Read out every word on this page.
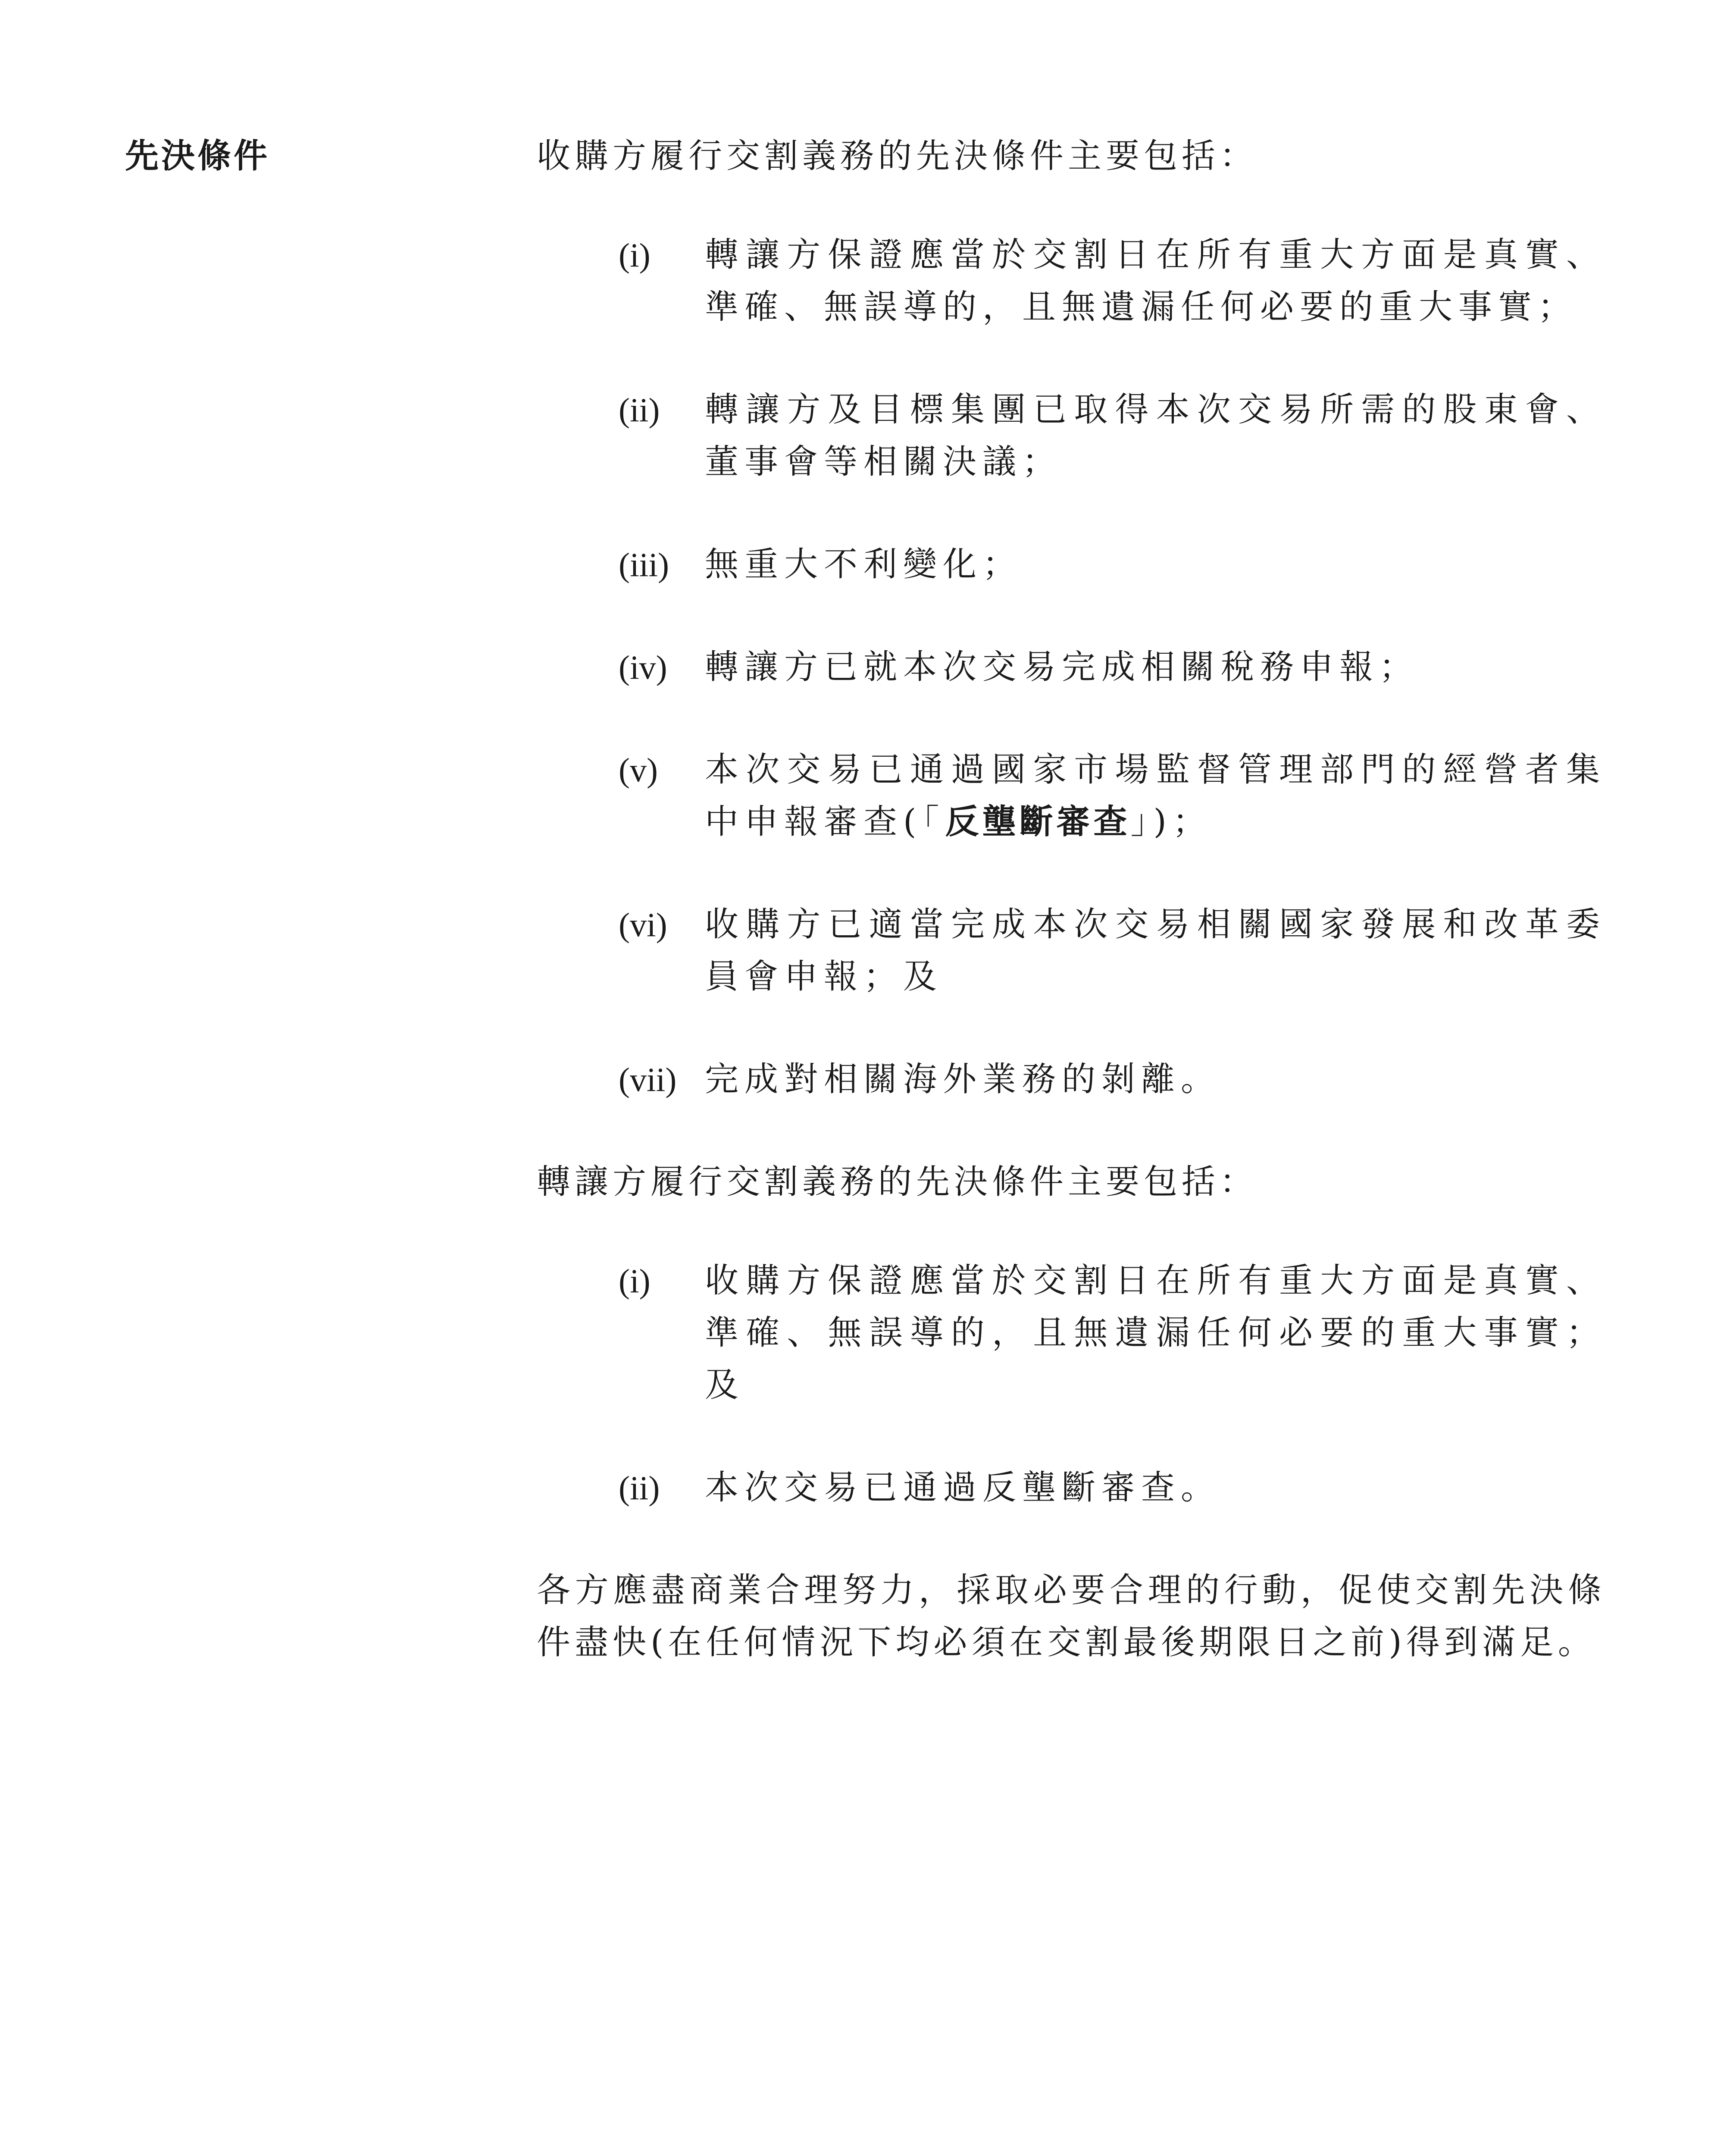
先決條件	收購方履行交割義務的先決條件主要包括：

(i)	轉讓方保證應當於交割日在所有重大方面是真實、準確、無誤導的，且無遺漏任何必要的重大事實；
(ii)	轉讓方及目標集團已取得本次交易所需的股東會、董事會等相關決議；
(iii)	無重大不利變化；
(iv)	轉讓方已就本次交易完成相關稅務申報；
(v)	本次交易已通過國家市場監督管理部門的經營者集中申報審查(「反壟斷審查」)；
(vi)	收購方已適當完成本次交易相關國家發展和改革委員會申報；及
(vii) 完成對相關海外業務的剝離。

轉讓方履行交割義務的先決條件主要包括：

(i)	收購方保證應當於交割日在所有重大方面是真實、準確、無誤導的，且無遺漏任何必要的重大事實；及
(ii)	本次交易已通過反壟斷審查。

各方應盡商業合理努力，採取必要合理的行動，促使交割先決條件盡快(在任何情況下均必須在交割最後期限日之前)得到滿足。
